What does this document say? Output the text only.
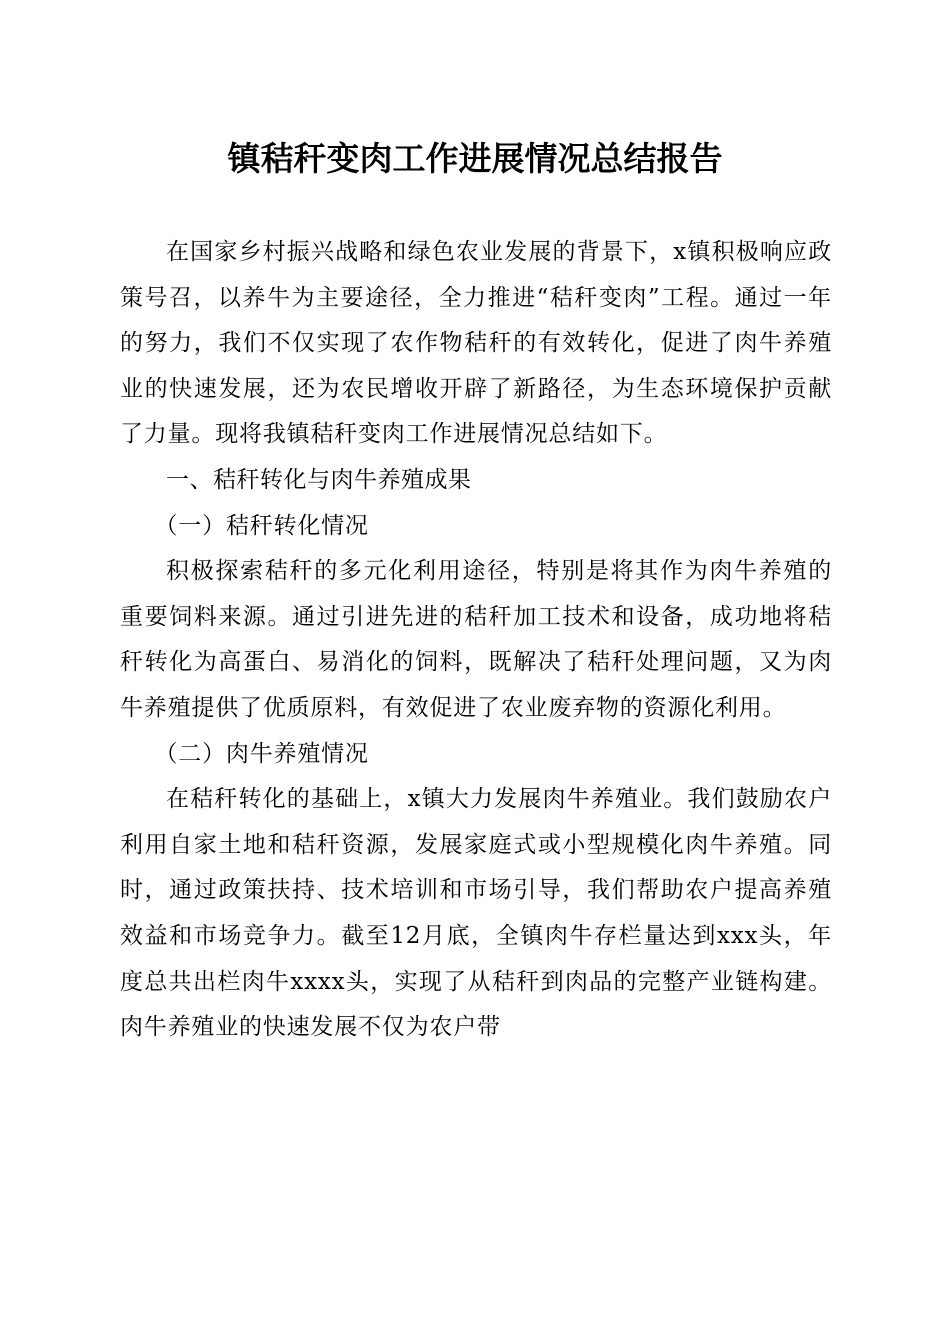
镇秸秆变肉工作进展情况总结报告

在国家乡村振兴战略和绿色农业发展的背景下，x镇积极响应政策号召，以养牛为主要途径，全力推进“秸秆变肉”工程。通过一年的努力，我们不仅实现了农作物秸秆的有效转化，促进了肉牛养殖业的快速发展，还为农民增收开辟了新路径，为生态环境保护贡献了力量。现将我镇秸秆变肉工作进展情况总结如下。

一、秸秆转化与肉牛养殖成果

（一）秸秆转化情况

积极探索秸秆的多元化利用途径，特别是将其作为肉牛养殖的重要饲料来源。通过引进先进的秸秆加工技术和设备，成功地将秸秆转化为高蛋白、易消化的饲料，既解决了秸秆处理问题，又为肉牛养殖提供了优质原料，有效促进了农业废弃物的资源化利用。

（二）肉牛养殖情况

在秸秆转化的基础上，x镇大力发展肉牛养殖业。我们鼓励农户利用自家土地和秸秆资源，发展家庭式或小型规模化肉牛养殖。同时，通过政策扶持、技术培训和市场引导，我们帮助农户提高养殖效益和市场竞争力。截至12月底，全镇肉牛存栏量达到xxx头，年度总共出栏肉牛xxxx头，实现了从秸秆到肉品的完整产业链构建。肉牛养殖业的快速发展不仅为农户带
